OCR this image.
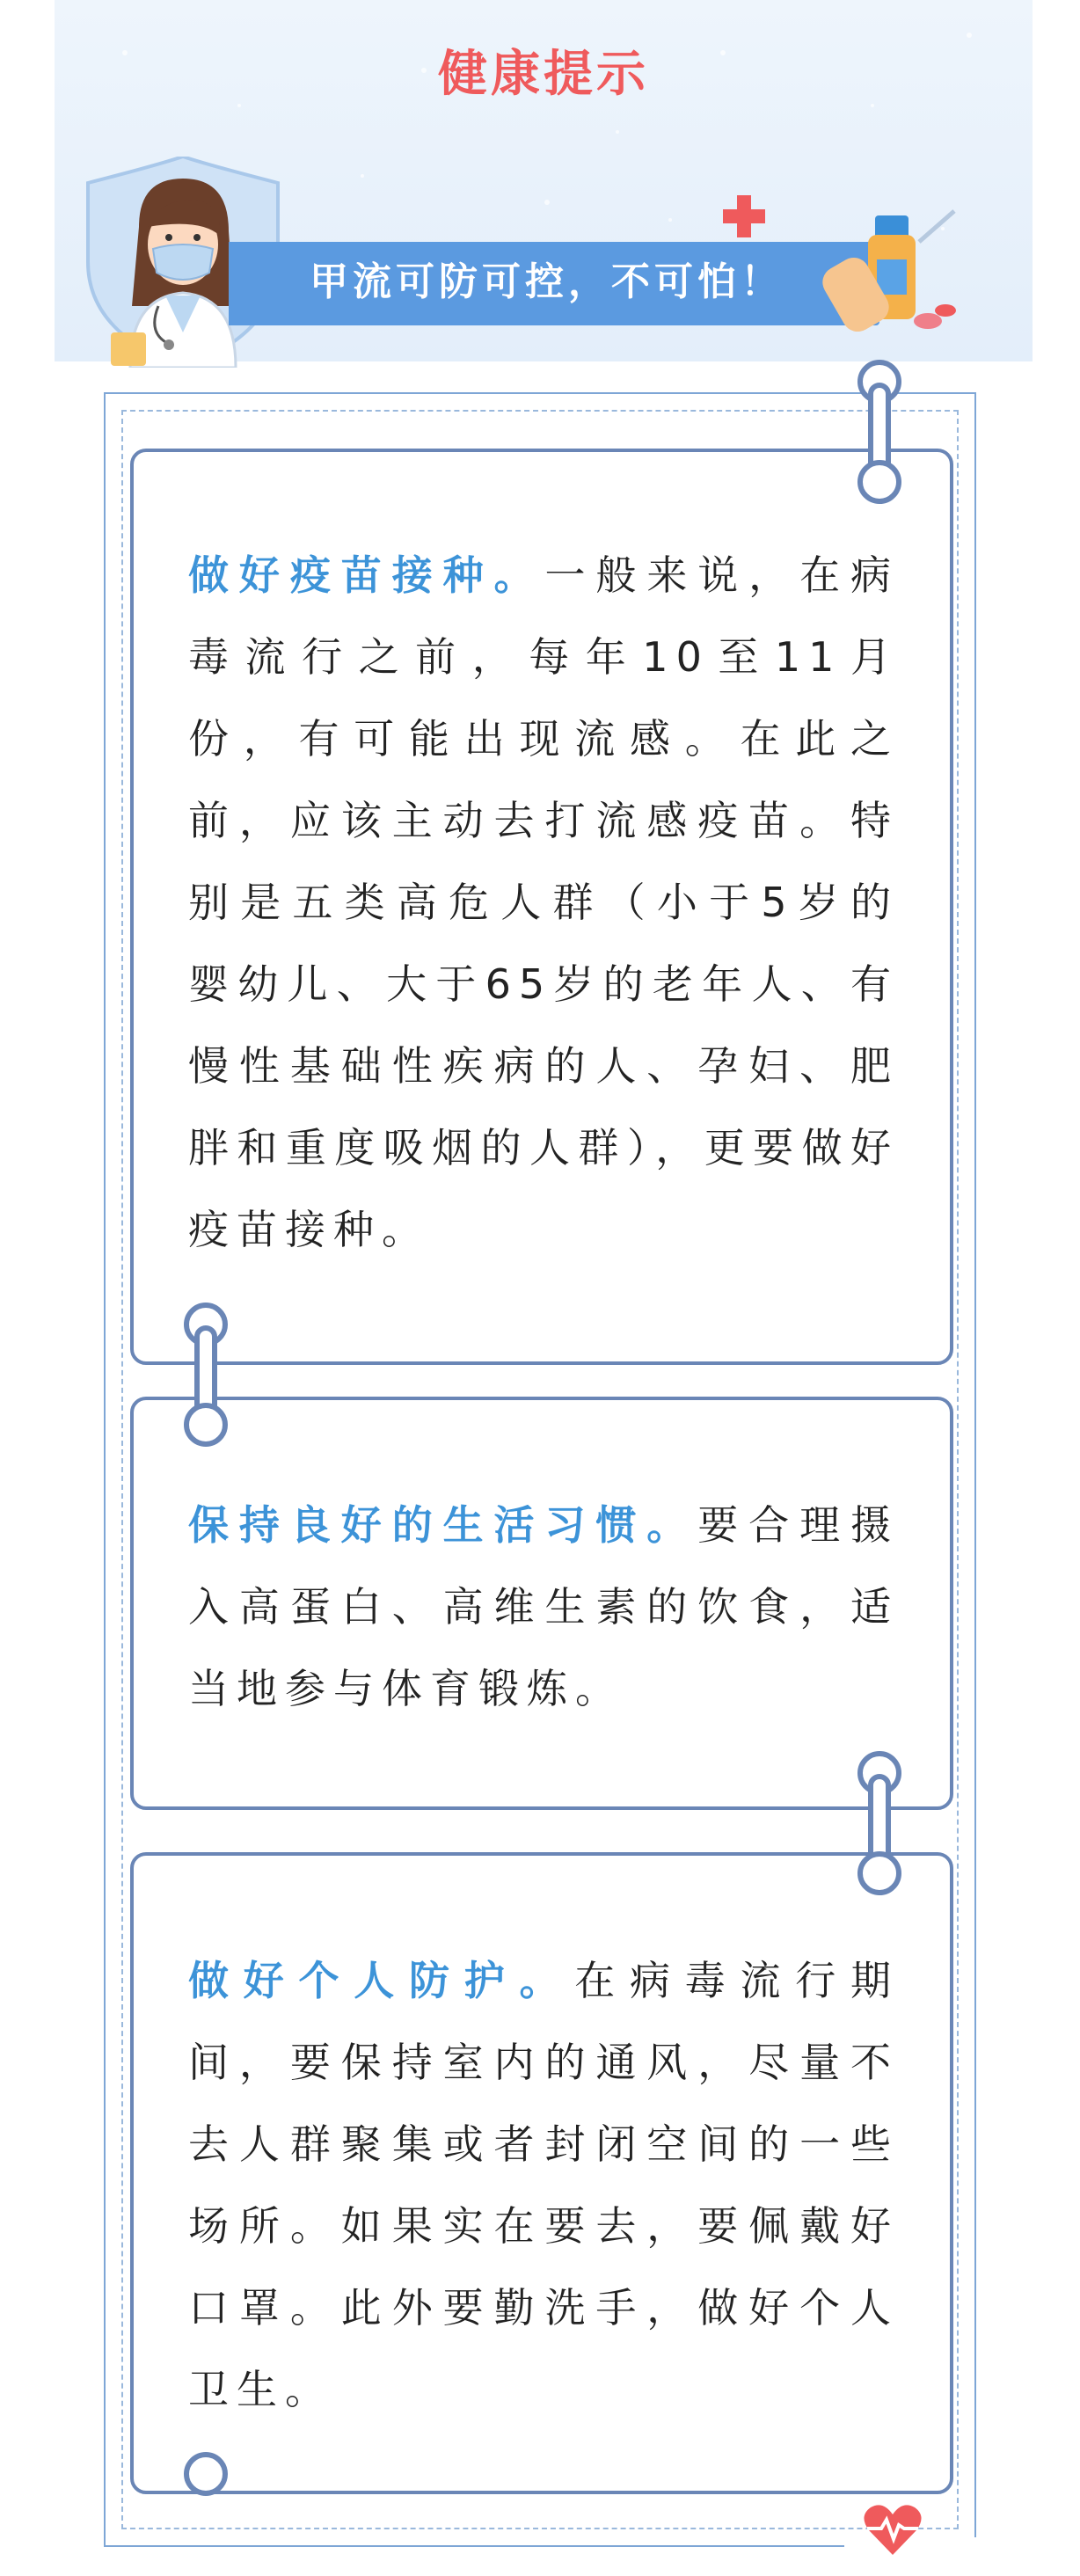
健康提示
甲流可防可控，不可怕！
做好疫苗接种。一般来说，在病毒流行之前，每年10至11月份，有可能出现流感。在此之前，应该主动去打流感疫苗。特别是五类高危人群（小于5岁的婴幼儿、大于65岁的老年人、有慢性基础性疾病的人、孕妇、肥胖和重度吸烟的人群），更要做好疫苗接种。
保持良好的生活习惯。要合理摄入高蛋白、高维生素的饮食，适当地参与体育锻炼。
做好个人防护。在病毒流行期间，要保持室内的通风，尽量不去人群聚集或者封闭空间的一些场所。如果实在要去，要佩戴好口罩。此外要勤洗手，做好个人卫生。
